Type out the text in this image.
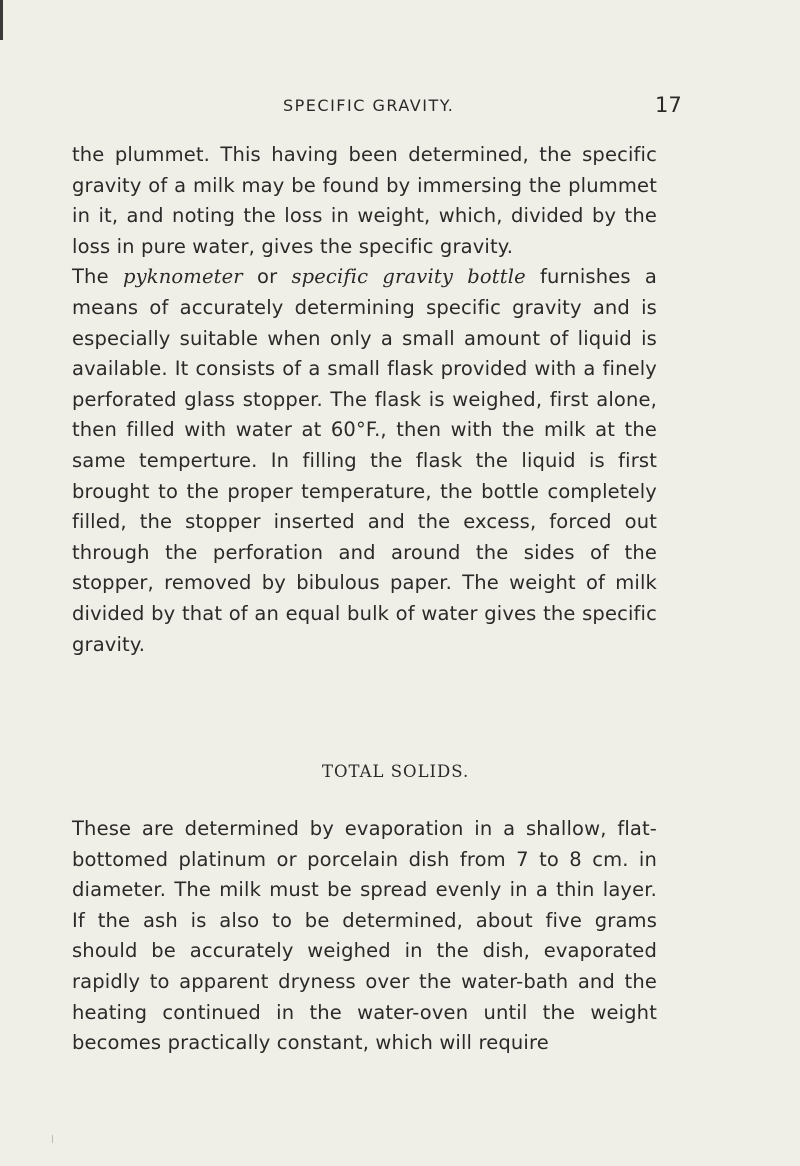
SPECIFIC GRAVITY.	17

the plummet. This having been determined, the specific gravity of a milk may be found by immersing the plummet in it, and noting the loss in weight, which, divided by the loss in pure water, gives the specific gravity.

The pyknometer or specific gravity bottle furnishes a means of accurately determining specific gravity and is especially suitable when only a small amount of liquid is available. It consists of a small flask provided with a finely perforated glass stopper. The flask is weighed, first alone, then filled with water at 60°F., then with the milk at the same temperture. In filling the flask the liquid is first brought to the proper temperature, the bottle completely filled, the stopper inserted and the excess, forced out through the perforation and around the sides of the stopper, removed by bibulous paper. The weight of milk divided by that of an equal bulk of water gives the specific gravity.

TOTAL SOLIDS.

These are determined by evaporation in a shallow, flat-bottomed platinum or porcelain dish from 7 to 8 cm. in diameter. The milk must be spread evenly in a thin layer. If the ash is also to be determined, about five grams should be accurately weighed in the dish, evaporated rapidly to apparent dryness over the water-bath and the heating continued in the water-oven until the weight becomes practically constant, which will require
